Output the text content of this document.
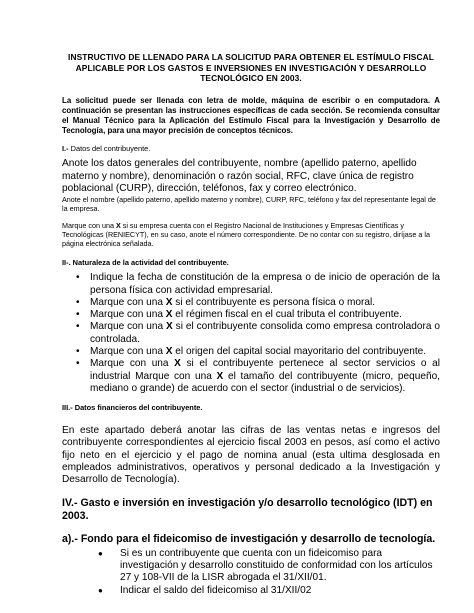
INSTRUCTIVO DE LLENADO PARA LA SOLICITUD PARA OBTENER EL ESTÍMULO FISCAL APLICABLE POR LOS GASTOS E INVERSIONES EN INVESTIGACIÓN Y DESARROLLO TECNOLÓGICO EN 2003.

La solicitud puede ser llenada con letra de molde, máquina de escribir o en computadora. A continuación se presentan las instrucciones específicas de cada sección. Se recomienda consultar el Manual Técnico para la Aplicación del Estímulo Fiscal para la Investigación y Desarrollo de Tecnología, para una mayor precisión de conceptos técnicos.

I.- Datos del contribuyente.

Anote los datos generales del contribuyente, nombre (apellido paterno, apellido materno y nombre), denominación o razón social, RFC, clave única de registro poblacional (CURP), dirección, teléfonos, fax y correo electrónico.

Anote el nombre (apellido paterno, apellido materno y nombre), CURP, RFC, teléfono y fax del representante legal de la empresa.

Marque con una X si su empresa cuenta con el Registro Nacional de Instituciones y Empresas Científicas y Tecnológicas (RENIECYT), en su caso, anote el número correspondiente. De no contar con su registro, diríjase a la página electrónica señalada.

II-. Naturaleza de la actividad del contribuyente.

• Indique la fecha de constitución de la empresa o de inicio de operación de la persona física con actividad empresarial.
• Marque con una X si el contribuyente es persona física o moral.
• Marque con una X el régimen fiscal en el cual tributa el contribuyente.
• Marque con una X si el contribuyente consolida como empresa controladora o controlada.
• Marque con una X el origen del capital social mayoritario del contribuyente.
• Marque con una X si el contribuyente pertenece al sector servicios o al industrial Marque con una X el tamaño del contribuyente (micro, pequeño, mediano o grande) de acuerdo con el sector (industrial o de servicios).

III.- Datos financieros del contribuyente.

En este apartado deberá anotar las cifras de las ventas netas e ingresos del contribuyente correspondientes al ejercicio fiscal 2003 en pesos, así como el activo fijo neto en el ejercicio y el pago de nomina anual (esta ultima desglosada en empleados administrativos, operativos y personal dedicado a la Investigación y Desarrollo de Tecnología).

IV.- Gasto e inversión en investigación y/o desarrollo tecnológico (IDT) en 2003.

a).- Fondo para el fideicomiso de investigación y desarrollo de tecnología.

● Si es un contribuyente que cuenta con un fideicomiso para investigación y desarrollo constituido de conformidad con los artículos 27 y 108-VII de la LISR abrogada el 31/XII/01.
● Indicar el saldo del fideicomiso al 31/XII/02
